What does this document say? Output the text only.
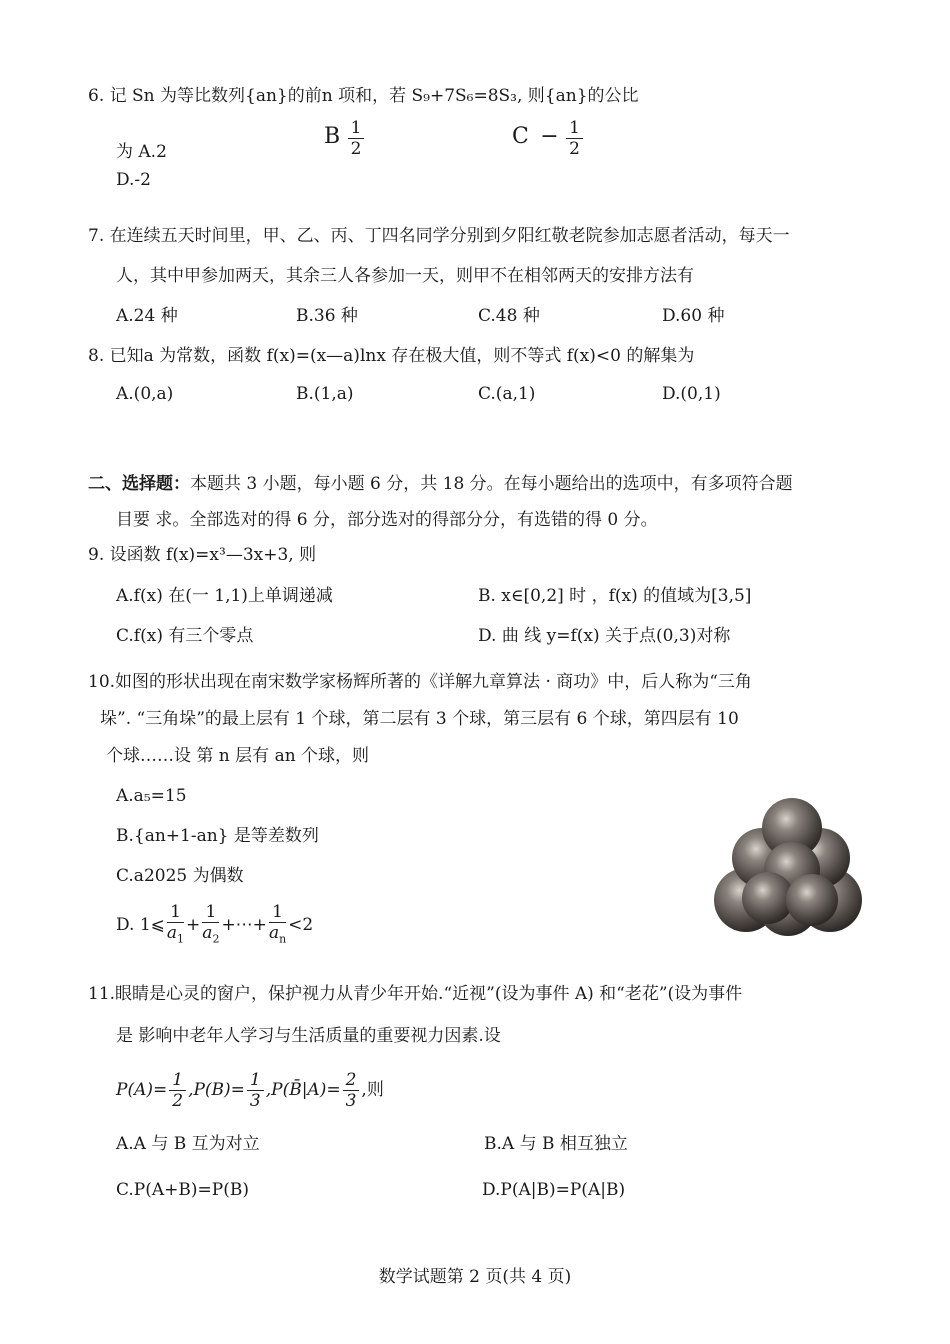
6. 记 Sn 为等比数列{an}的前n 项和，若 S₉+7S₆=8S₃, 则{an}的公比
为 A.2
B $\frac{1}{2}$	$C - \frac{1}{2}$
D.-2
7. 在连续五天时间里，甲、乙、丙、丁四名同学分别到夕阳红敬老院参加志愿者活动，每天一
人，其中甲参加两天，其余三人各参加一天，则甲不在相邻两天的安排方法有
A.24 种	B.36 种	C.48 种	D.60 种
8. 已知a 为常数，函数 f(x)=(x—a)lnx 存在极大值，则不等式 f(x)<0 的解集为
A.(0,a)	B.(1,a)	C.(a,1)	D.(0,1)
二、选择题：本题共 3 小题，每小题 6 分，共 18 分。在每小题给出的选项中，有多项符合题
目要 求。全部选对的得 6 分，部分选对的得部分分，有选错的得 0 分。
9. 设函数 f(x)=x³—3x+3, 则
A.f(x) 在(一 1,1)上单调递减	B. x∈[0,2] 时 ，f(x) 的值域为[3,5]
C.f(x) 有三个零点	D. 曲 线 y=f(x) 关于点(0,3)对称
10.如图的形状出现在南宋数学家杨辉所著的《详解九章算法 · 商功》中，后人称为“三角
垛”. “三角垛”的最上层有 1 个球，第二层有 3 个球，第三层有 6 个球，第四层有 10
个球……设 第 n 层有 an 个球，则
A.a₅=15
B.{an+1-an} 是等差数列
C.a2025 为偶数
D. 1⩽ $\frac{1}{a_1} + \frac{1}{a_2}$ +⋯+ $\frac{1}{a_n} <2$
11.眼睛是心灵的窗户，保护视力从青少年开始.“近视”(设为事件 A) 和“老花”(设为事件
是 影响中老年人学习与生活质量的重要视力因素.设
$P(A)= \frac{1}{2} ,P(B)= \frac{1}{3}$ ,P(B̄|A)= $\frac{2}{3}$ ,则
A.A 与 B 互为对立	B.A 与 B 相互独立
C.P(A+B)=P(B)	D.P(A|B)=P(A|B)
数学试题第 2 页(共 4 页)
